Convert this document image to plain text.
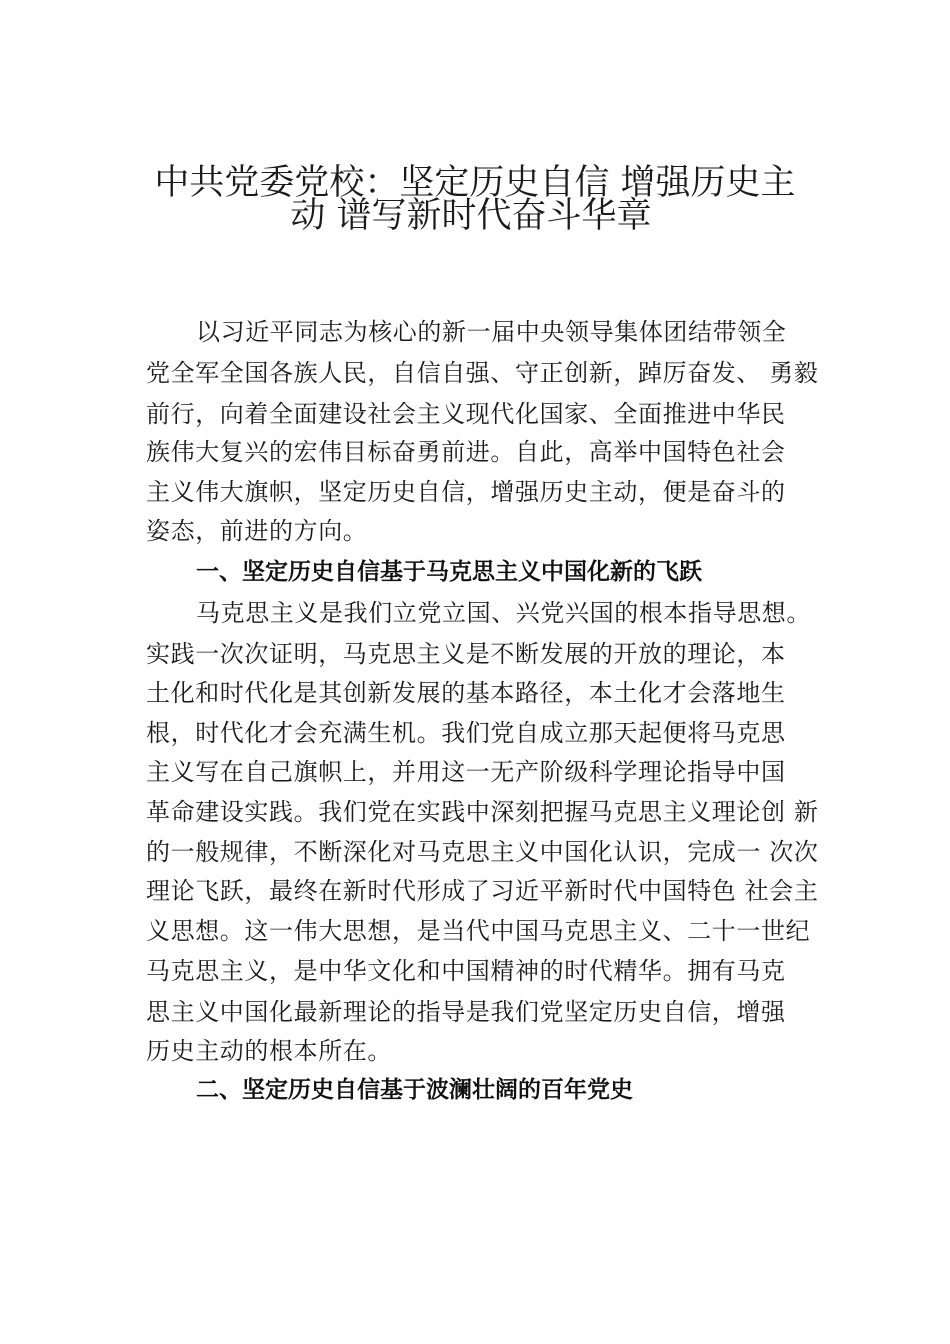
中共党委党校：坚定历史自信 增强历史主
动 谱写新时代奋斗华章
以习近平同志为核心的新一届中央领导集体团结带领全
党全军全国各族人民，自信自强、守正创新，踔厉奋发、 勇毅
前行，向着全面建设社会主义现代化国家、全面推进中华民
族伟大复兴的宏伟目标奋勇前进。自此，高举中国特色社会
主义伟大旗帜，坚定历史自信，增强历史主动，便是奋斗的
姿态，前进的方向。
一、坚定历史自信基于马克思主义中国化新的飞跃
马克思主义是我们立党立国、兴党兴国的根本指导思想。
实践一次次证明，马克思主义是不断发展的开放的理论，本
土化和时代化是其创新发展的基本路径，本土化才会落地生
根，时代化才会充满生机。我们党自成立那天起便将马克思
主义写在自己旗帜上，并用这一无产阶级科学理论指导中国
革命建设实践。我们党在实践中深刻把握马克思主义理论创 新
的一般规律，不断深化对马克思主义中国化认识，完成一 次次
理论飞跃，最终在新时代形成了习近平新时代中国特色 社会主
义思想。这一伟大思想，是当代中国马克思主义、二十一世纪
马克思主义，是中华文化和中国精神的时代精华。拥有马克
思主义中国化最新理论的指导是我们党坚定历史自信，增强
历史主动的根本所在。
二、坚定历史自信基于波澜壮阔的百年党史
